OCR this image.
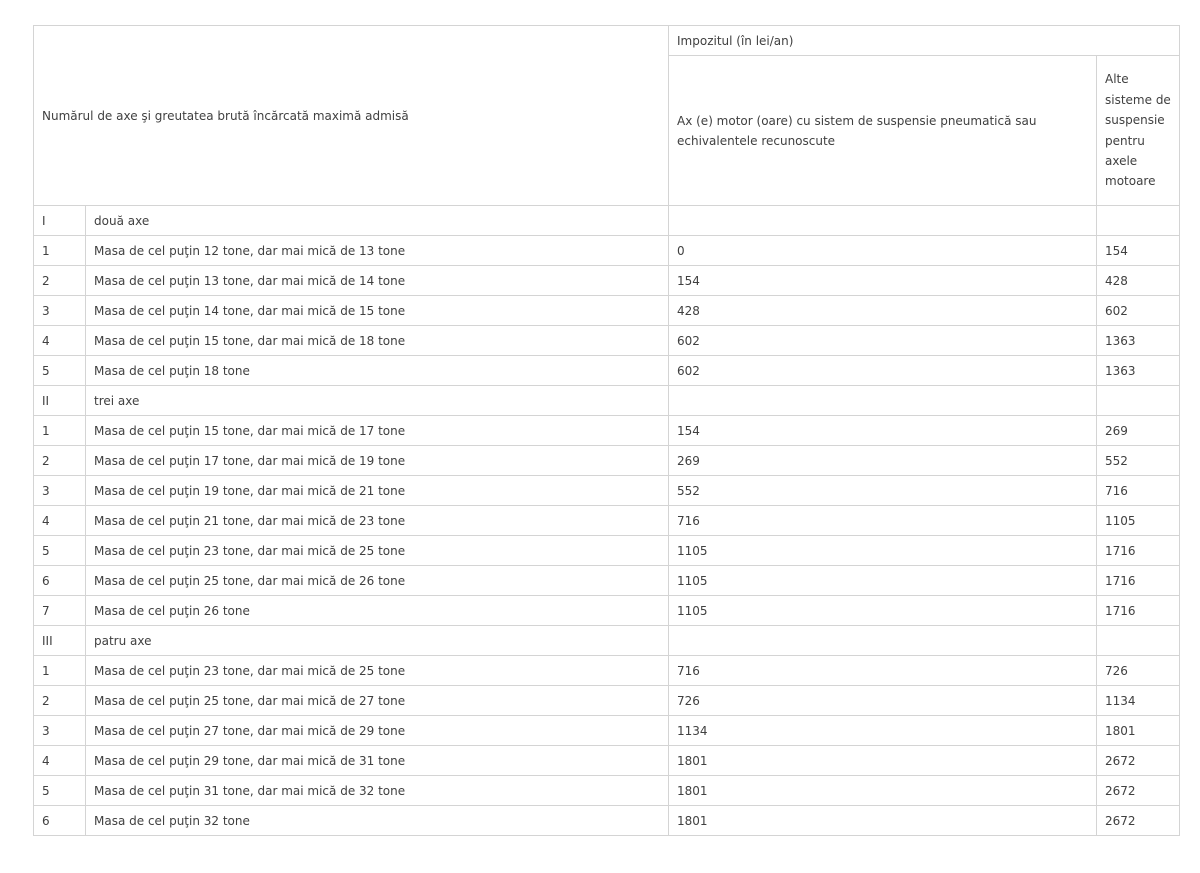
Numărul de axe şi greutatea brută încărcată maximă admisă		Impozitul (în lei/an)	
		Ax (e) motor (oare) cu sistem de suspensie pneumatică sau echivalentele recunoscute	Alte sisteme de suspensie pentru axele motoare
I	două axe		
1	Masa de cel puţin 12 tone, dar mai mică de 13 tone	0	154
2	Masa de cel puţin 13 tone, dar mai mică de 14 tone	154	428
3	Masa de cel puţin 14 tone, dar mai mică de 15 tone	428	602
4	Masa de cel puţin 15 tone, dar mai mică de 18 tone	602	1363
5	Masa de cel puţin 18 tone	602	1363
II	trei axe		
1	Masa de cel puţin 15 tone, dar mai mică de 17 tone	154	269
2	Masa de cel puţin 17 tone, dar mai mică de 19 tone	269	552
3	Masa de cel puţin 19 tone, dar mai mică de 21 tone	552	716
4	Masa de cel puţin 21 tone, dar mai mică de 23 tone	716	1105
5	Masa de cel puţin 23 tone, dar mai mică de 25 tone	1105	1716
6	Masa de cel puţin 25 tone, dar mai mică de 26 tone	1105	1716
7	Masa de cel puţin 26 tone	1105	1716
III	patru axe		
1	Masa de cel puţin 23 tone, dar mai mică de 25 tone	716	726
2	Masa de cel puţin 25 tone, dar mai mică de 27 tone	726	1134
3	Masa de cel puţin 27 tone, dar mai mică de 29 tone	1134	1801
4	Masa de cel puţin 29 tone, dar mai mică de 31 tone	1801	2672
5	Masa de cel puţin 31 tone, dar mai mică de 32 tone	1801	2672
6	Masa de cel puţin 32 tone	1801	2672
